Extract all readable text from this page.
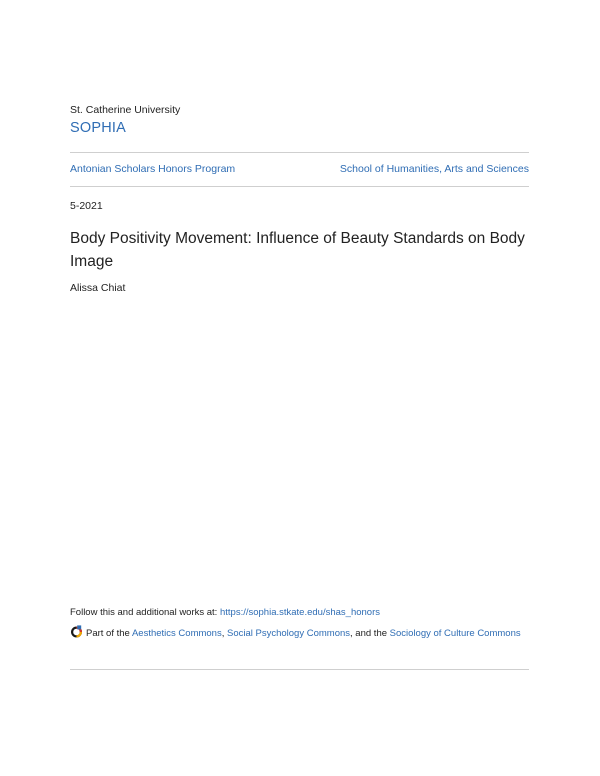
St. Catherine University
SOPHIA
Antonian Scholars Honors Program	School of Humanities, Arts and Sciences
5-2021
Body Positivity Movement: Influence of Beauty Standards on Body Image
Alissa Chiat
Follow this and additional works at: https://sophia.stkate.edu/shas_honors
Part of the Aesthetics Commons, Social Psychology Commons, and the Sociology of Culture Commons
